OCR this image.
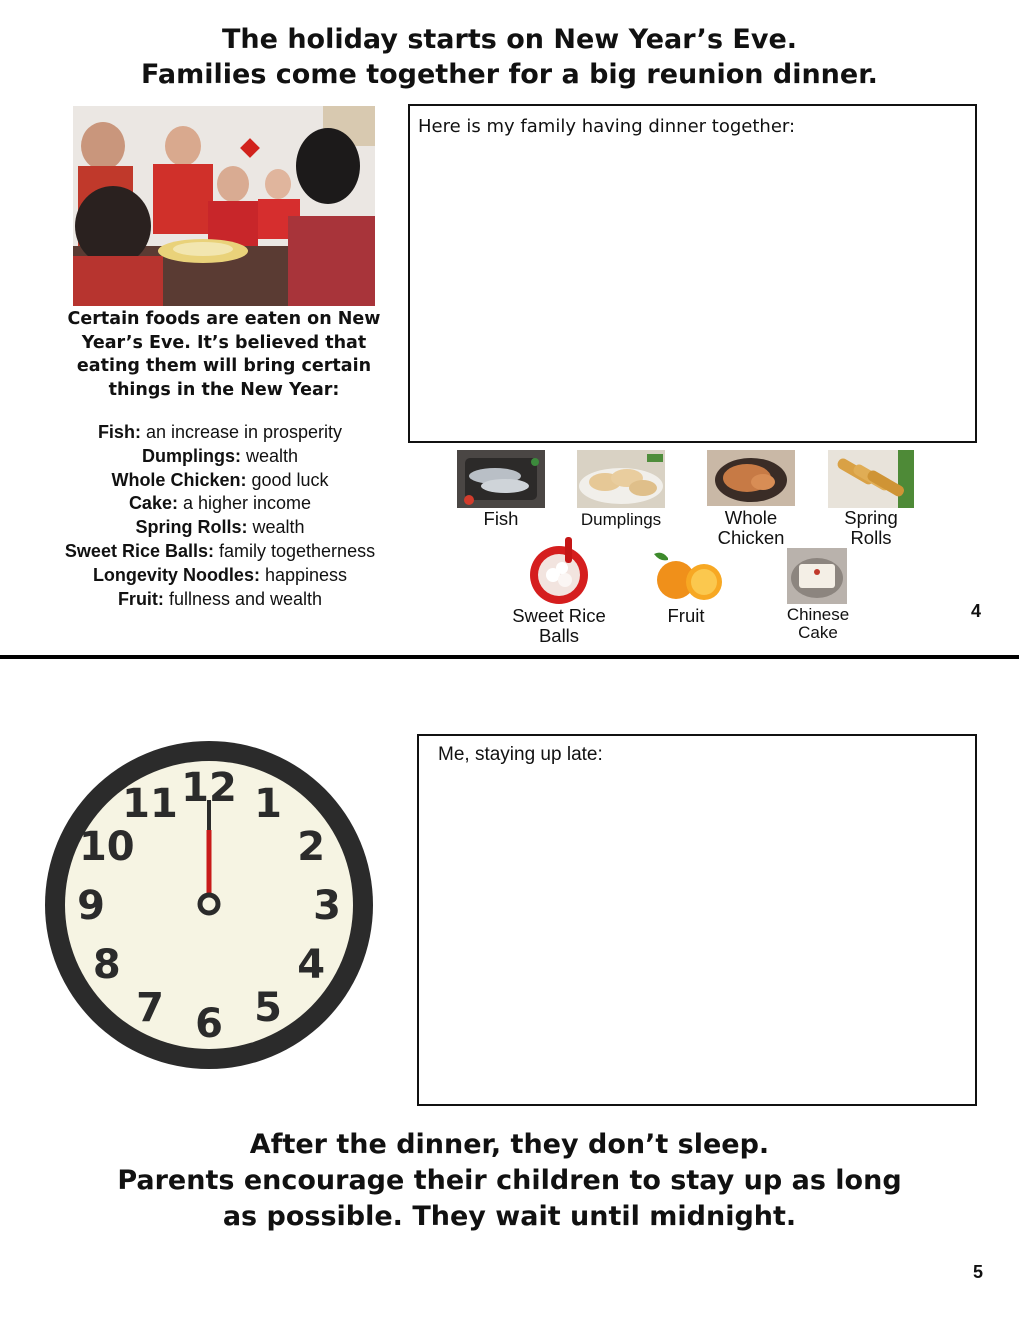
The holiday starts on New Year’s Eve.
Families come together for a big reunion dinner.
Certain foods are eaten on New Year’s Eve. It’s believed that eating them will bring certain things in the New Year:
Fish: an increase in prosperity
Dumplings: wealth
Whole Chicken: good luck
Cake: a higher income
Spring Rolls: wealth
Sweet Rice Balls: family togetherness
Longevity Noodles: happiness
Fruit: fullness and wealth
Here is my family having dinner together:
Fish	Dumplings	Whole
Chicken
Spring
Rolls
Sweet Rice
Balls
Fruit	Chinese
Cake
4
12 1
2
3
4
5
6
7
8
9
10
11
Me, staying up late:
After the dinner, they don’t sleep.
Parents encourage their children to stay up as long
as possible. They wait until midnight.
5
